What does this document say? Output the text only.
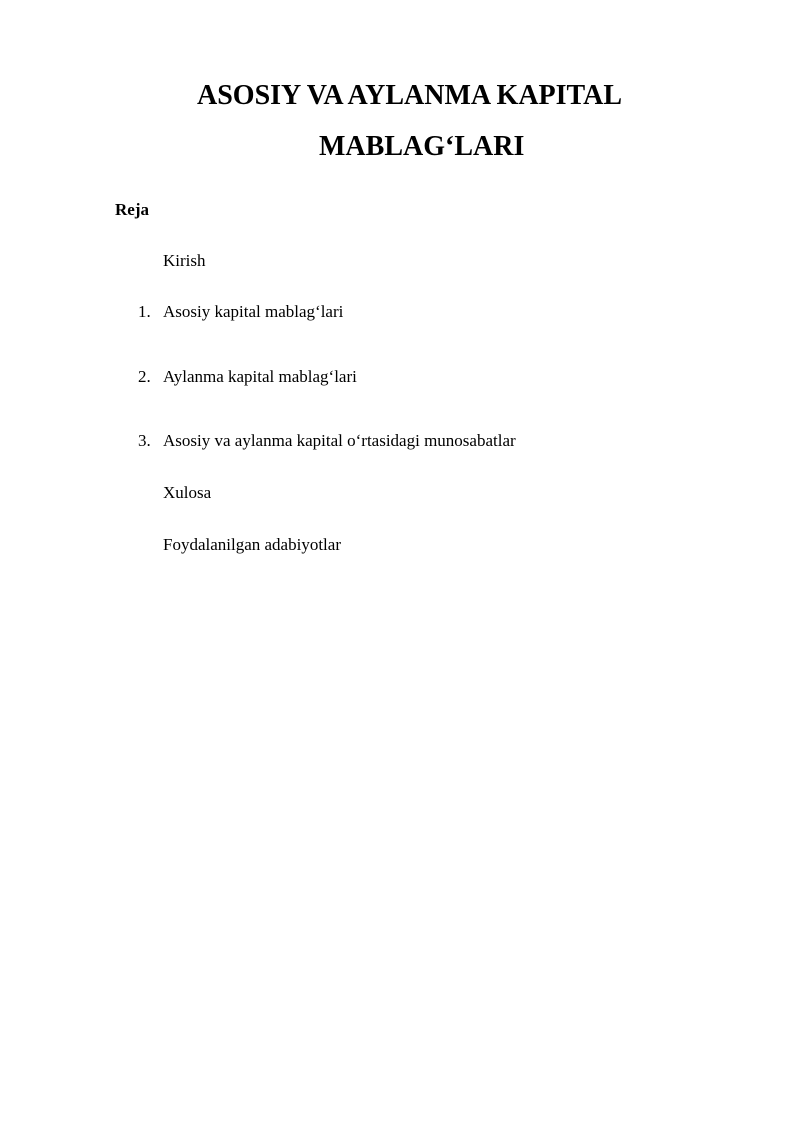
ASOSIY VA AYLANMA KAPITAL
MABLAG‘LARI
Reja
Kirish
1. Asosiy kapital mablag‘lari
2. Aylanma kapital mablag‘lari
3. Asosiy va aylanma kapital o‘rtasidagi munosabatlar
Xulosa
Foydalanilgan adabiyotlar
